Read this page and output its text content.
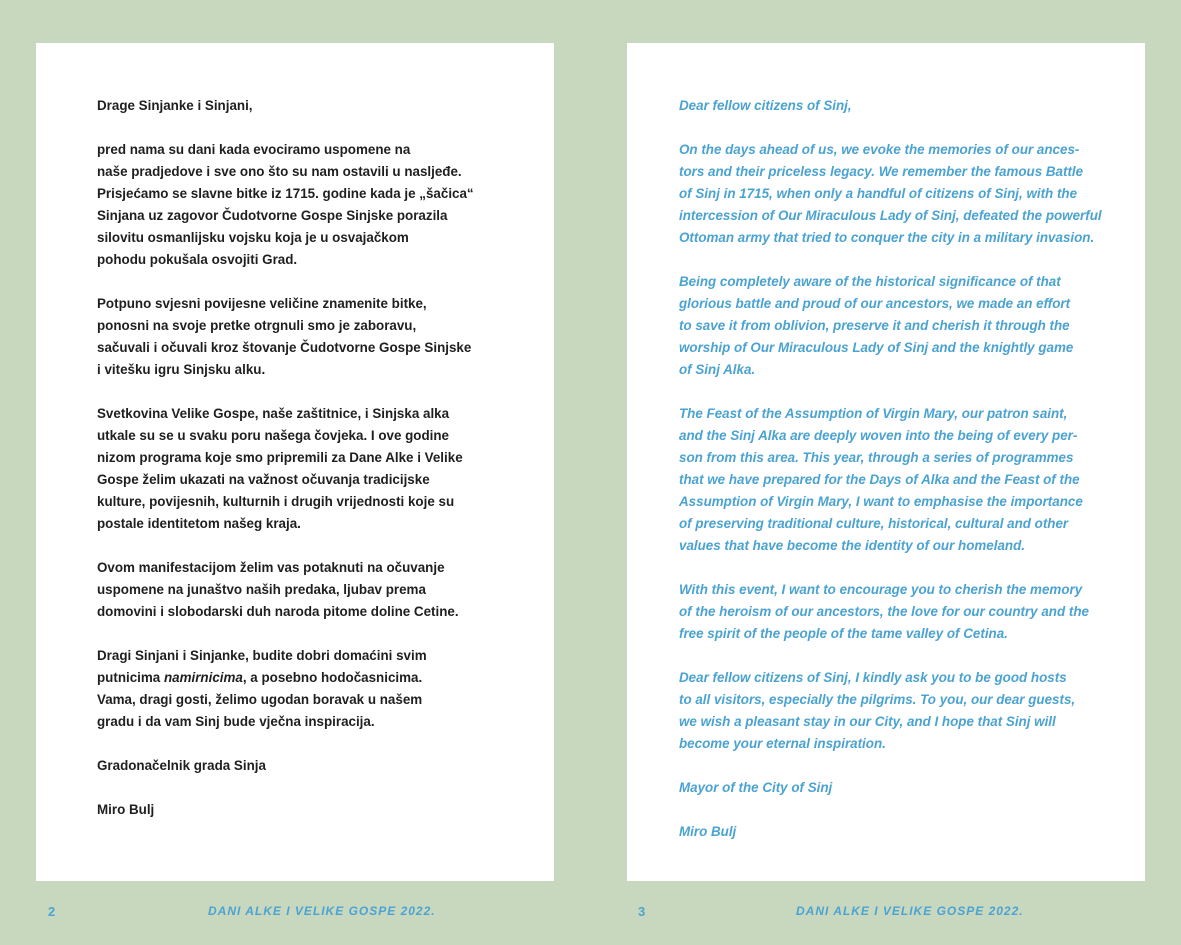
Drage Sinjanke i Sinjani,

pred nama su dani kada evociramo uspomene na
naše pradjedove i sve ono što su nam ostavili u nasljeđe.
Prisjećamo se slavne bitke iz 1715. godine kada je „šačica“
Sinjana uz zagovor Čudotvorne Gospe Sinjske porazila
silovitu osmanlijsku vojsku koja je u osvajačkom
pohodu pokušala osvojiti Grad.

Potpuno svjesni povijesne veličine znamenite bitke,
ponosni na svoje pretke otrgnuli smo je zaboravu,
sačuvali i očuvali kroz štovanje Čudotvorne Gospe Sinjske
i vitešku igru Sinjsku alku.

Svetkovina Velike Gospe, naše zaštitnice, i Sinjska alka
utkale su se u svaku poru našega čovjeka. I ove godine
nizom programa koje smo pripremili za Dane Alke i Velike
Gospe želim ukazati na važnost očuvanja tradicijske
kulture, povijesnih, kulturnih i drugih vrijednosti koje su
postale identitetom našeg kraja.

Ovom manifestacijom želim vas potaknuti na očuvanje
uspomene na junaštvo naših predaka, ljubav prema
domovini i slobodarski duh naroda pitome doline Cetine.

Dragi Sinjani i Sinjanke, budite dobri domaćini svim
putnicima namirnicima, a posebno hodočasnicima.
Vama, dragi gosti, želimo ugodan boravak u našem
gradu i da vam Sinj bude vječna inspiracija.

Gradonačelnik grada Sinja

Miro Bulj
Dear fellow citizens of Sinj,

On the days ahead of us, we evoke the memories of our ances-
tors and their priceless legacy. We remember the famous Battle
of Sinj in 1715, when only a handful of citizens of Sinj, with the
intercession of Our Miraculous Lady of Sinj, defeated the powerful
Ottoman army that tried to conquer the city in a military invasion.

Being completely aware of the historical significance of that
glorious battle and proud of our ancestors, we made an effort
to save it from oblivion, preserve it and cherish it through the
worship of Our Miraculous Lady of Sinj and the knightly game
of Sinj Alka.

The Feast of the Assumption of Virgin Mary, our patron saint,
and the Sinj Alka are deeply woven into the being of every per-
son from this area. This year, through a series of programmes
that we have prepared for the Days of Alka and the Feast of the
Assumption of Virgin Mary, I want to emphasise the importance
of preserving traditional culture, historical, cultural and other
values that have become the identity of our homeland.

With this event, I want to encourage you to cherish the memory
of the heroism of our ancestors, the love for our country and the
free spirit of the people of the tame valley of Cetina.

Dear fellow citizens of Sinj, I kindly ask you to be good hosts
to all visitors, especially the pilgrims. To you, our dear guests,
we wish a pleasant stay in our City, and I hope that Sinj will
become your eternal inspiration.

Mayor of the City of Sinj

Miro Bulj
2	DANI ALKE I VELIKE GOSPE 2022.	3	DANI ALKE I VELIKE GOSPE 2022.
